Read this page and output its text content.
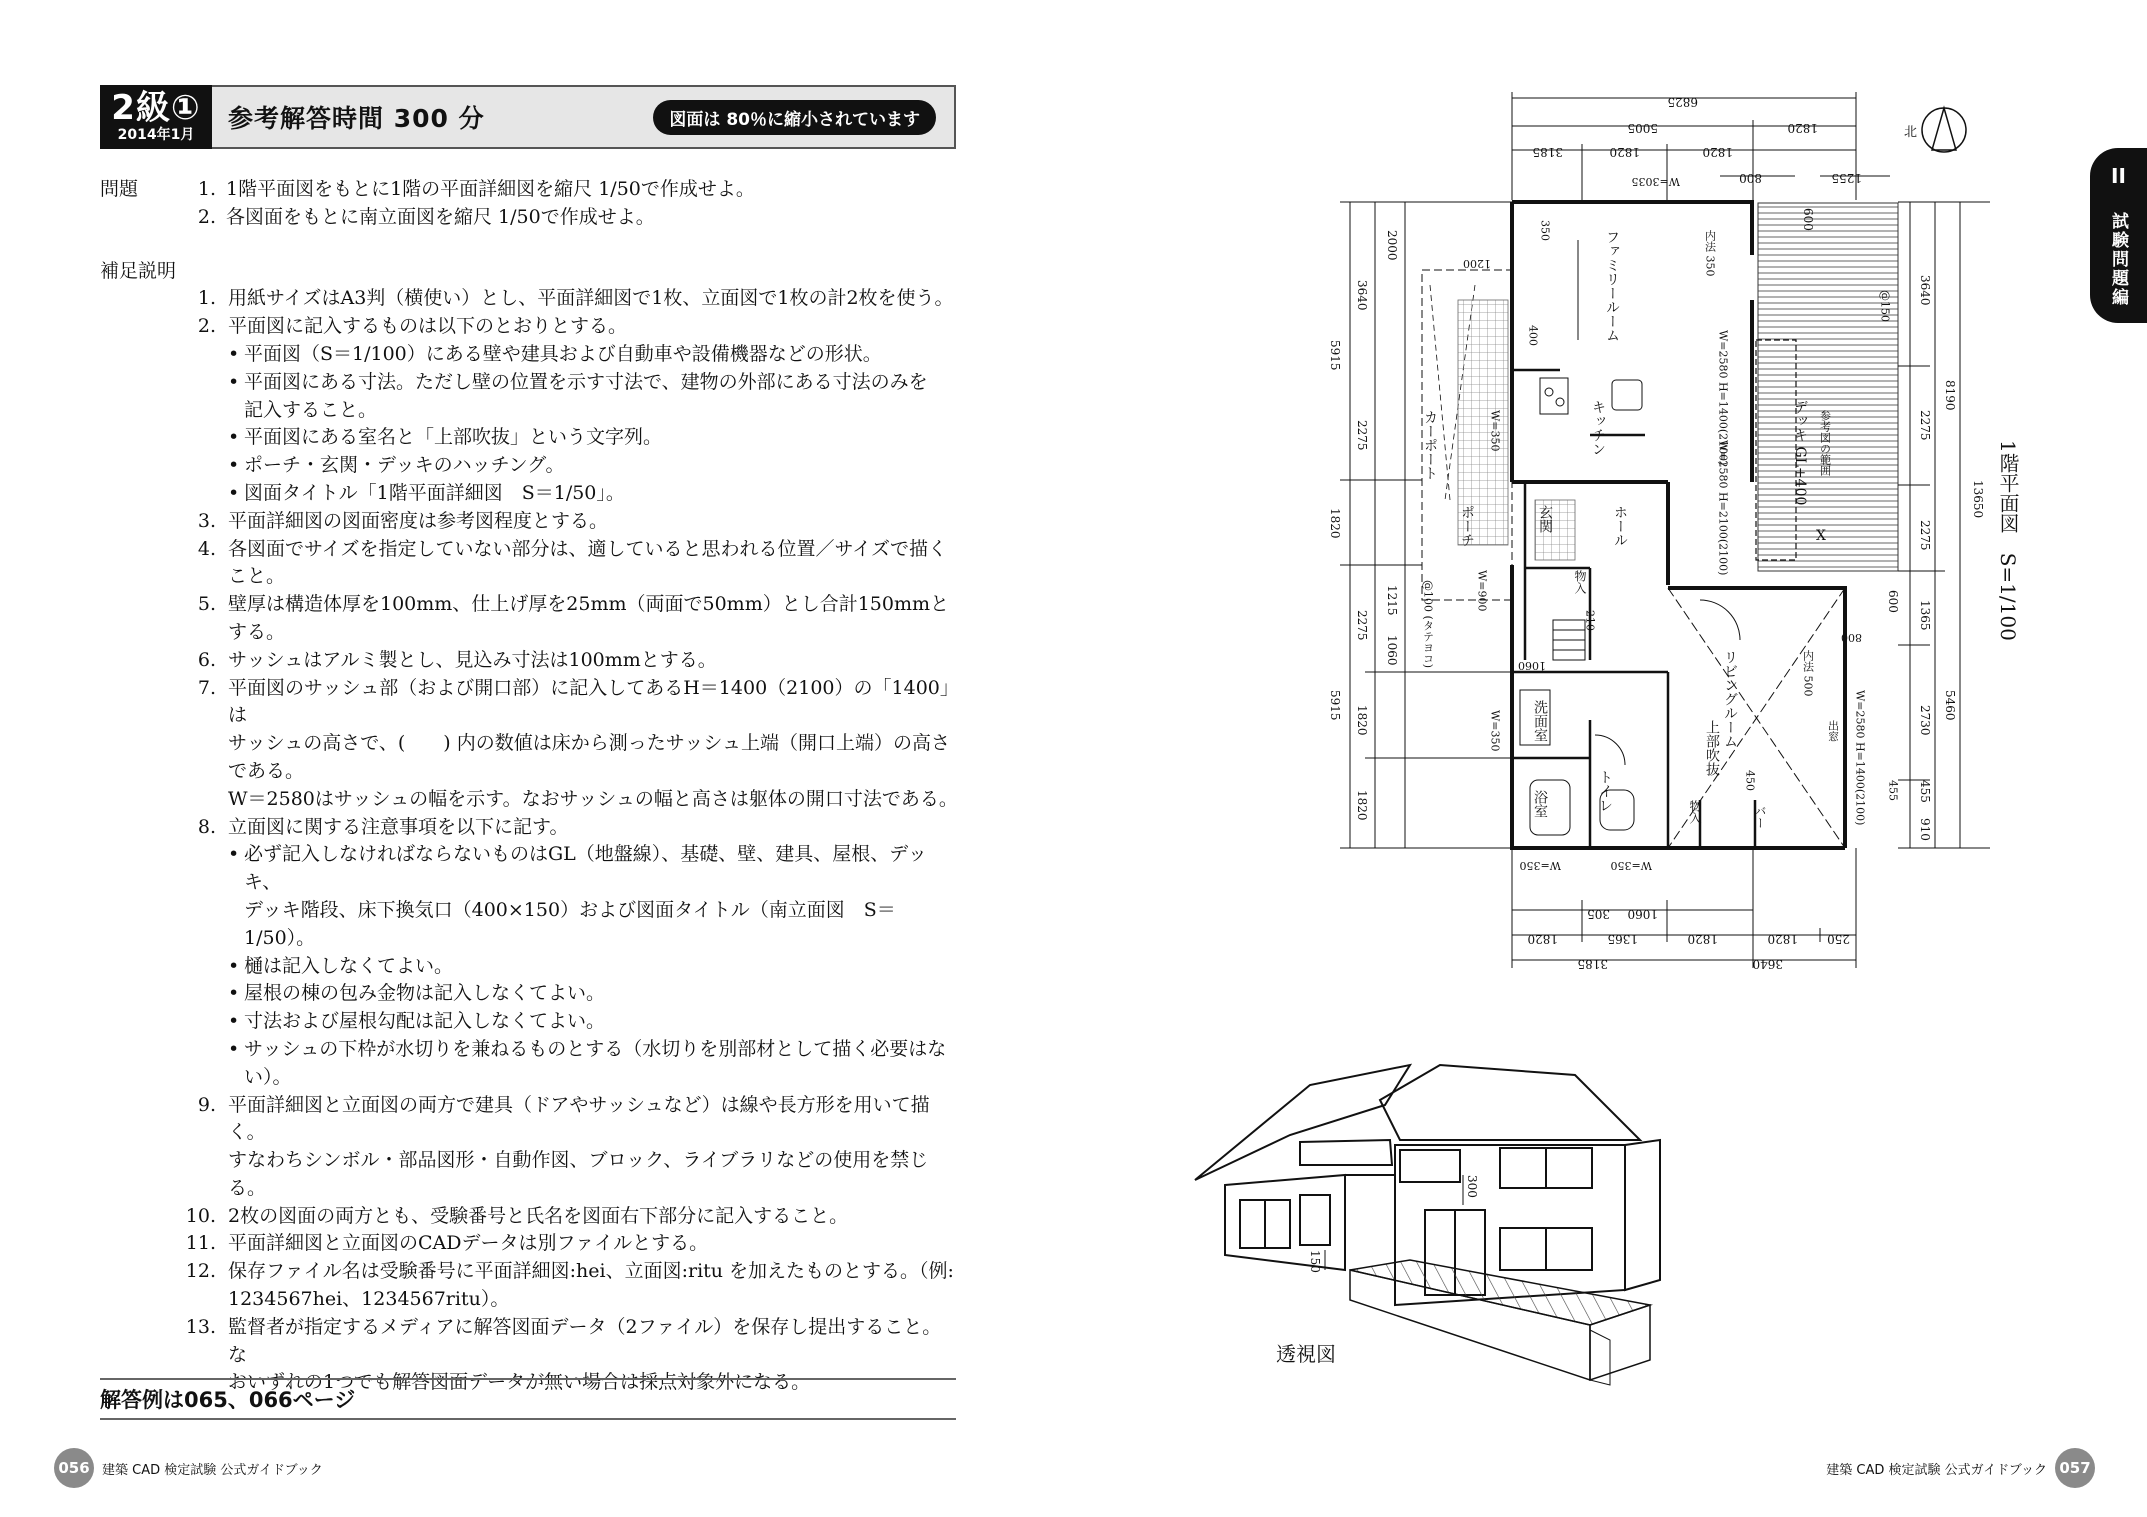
2級①
2014年1月
参考解答時間 300 分	図面は 80％に縮小されています
問題	1. 1階平面図をもとに1階の平面詳細図を縮尺 1/50で作成せよ。
2. 各図面をもとに南立面図を縮尺 1/50で作成せよ。
補足説明
1. 用紙サイズはA3判（横使い）とし、平面詳細図で1枚、立面図で1枚の計2枚を使う。
2. 平面図に記入するものは以下のとおりとする。
• 平面図（S＝1/100）にある壁や建具および自動車や設備機器などの形状。
• 平面図にある寸法。ただし壁の位置を示す寸法で、建物の外部にある寸法のみを
記入すること。
• 平面図にある室名と「上部吹抜」という文字列。
• ポーチ・玄関・デッキのハッチング。
• 図面タイトル「1階平面詳細図　S＝1/50」。
3. 平面詳細図の図面密度は参考図程度とする。
4. 各図面でサイズを指定していない部分は、適していると思われる位置／サイズで描く
こと。
5. 壁厚は構造体厚を100mm、仕上げ厚を25mm（両面で50mm）とし合計150mmと
する。
6. サッシュはアルミ製とし、見込み寸法は100mmとする。
7. 平面図のサッシュ部（および開口部）に記入してあるH＝1400（2100）の「1400」は
サッシュの高さで、(　　) 内の数値は床から測ったサッシュ上端（開口上端）の高さ
である。
W＝2580はサッシュの幅を示す。なおサッシュの幅と高さは躯体の開口寸法である。
8. 立面図に関する注意事項を以下に記す。
• 必ず記入しなければならないものはGL（地盤線）、基礎、壁、建具、屋根、デッキ、
デッキ階段、床下換気口（400×150）および図面タイトル（南立面図　S＝1/50）。
• 樋は記入しなくてよい。
• 屋根の棟の包み金物は記入しなくてよい。
• 寸法および屋根勾配は記入しなくてよい。
• サッシュの下枠が水切りを兼ねるものとする（水切りを別部材として描く必要はな
い）。
9. 平面詳細図と立面図の両方で建具（ドアやサッシュなど）は線や長方形を用いて描く。
すなわちシンボル・部品図形・自動作図、ブロック、ライブラリなどの使用を禁じる。
10. 2枚の図面の両方とも、受験番号と氏名を図面右下部分に記入すること。
11. 平面詳細図と立面図のCADデータは別ファイルとする。
12. 保存ファイル名は受験番号に平面詳細図:hei、立面図:ritu を加えたものとする。（例:
1234567hei、1234567ritu）。
13. 監督者が指定するメディアに解答図面データ（2ファイル）を保存し提出すること。な
おいずれの1つでも解答図面データが無い場合は採点対象外になる。
解答例は065、066ページ
056 建築 CAD 検定試験 公式ガイドブック	建築 CAD 検定試験 公式ガイドブック 057
II
試験問題編
北
6825
5005	1820
3185	1820	1820
800	1255
ファミリールーム
キッチン
カーポート
ポーチ	玄関	ホール
リビングルーム
上部吹抜
洗面室
浴室	トイレ
デッキ GL+400 参考図の範囲
物入
物入	バー
W=3035
W=350
W=350
W=350	W=350
W=900
W=2580 H=1400(2100)
W=2580 H=2100(2100)
W=2580 H=1400(2100)
内法 350
内法 500
@150
@100 (タテヨコ)
450	455
210
350
400
出窓
X
5915
1820
5915
3640
2275
2275
1820
1820
2000
1200
1215
1060	1060
13650
8190
5460
3640
2275
2275
1365
2730
455
910
600
600
800	1階平面図　S=1/100
305 1060
1820	1365	1820	1820 250
3185	3640
300
150
透視図
